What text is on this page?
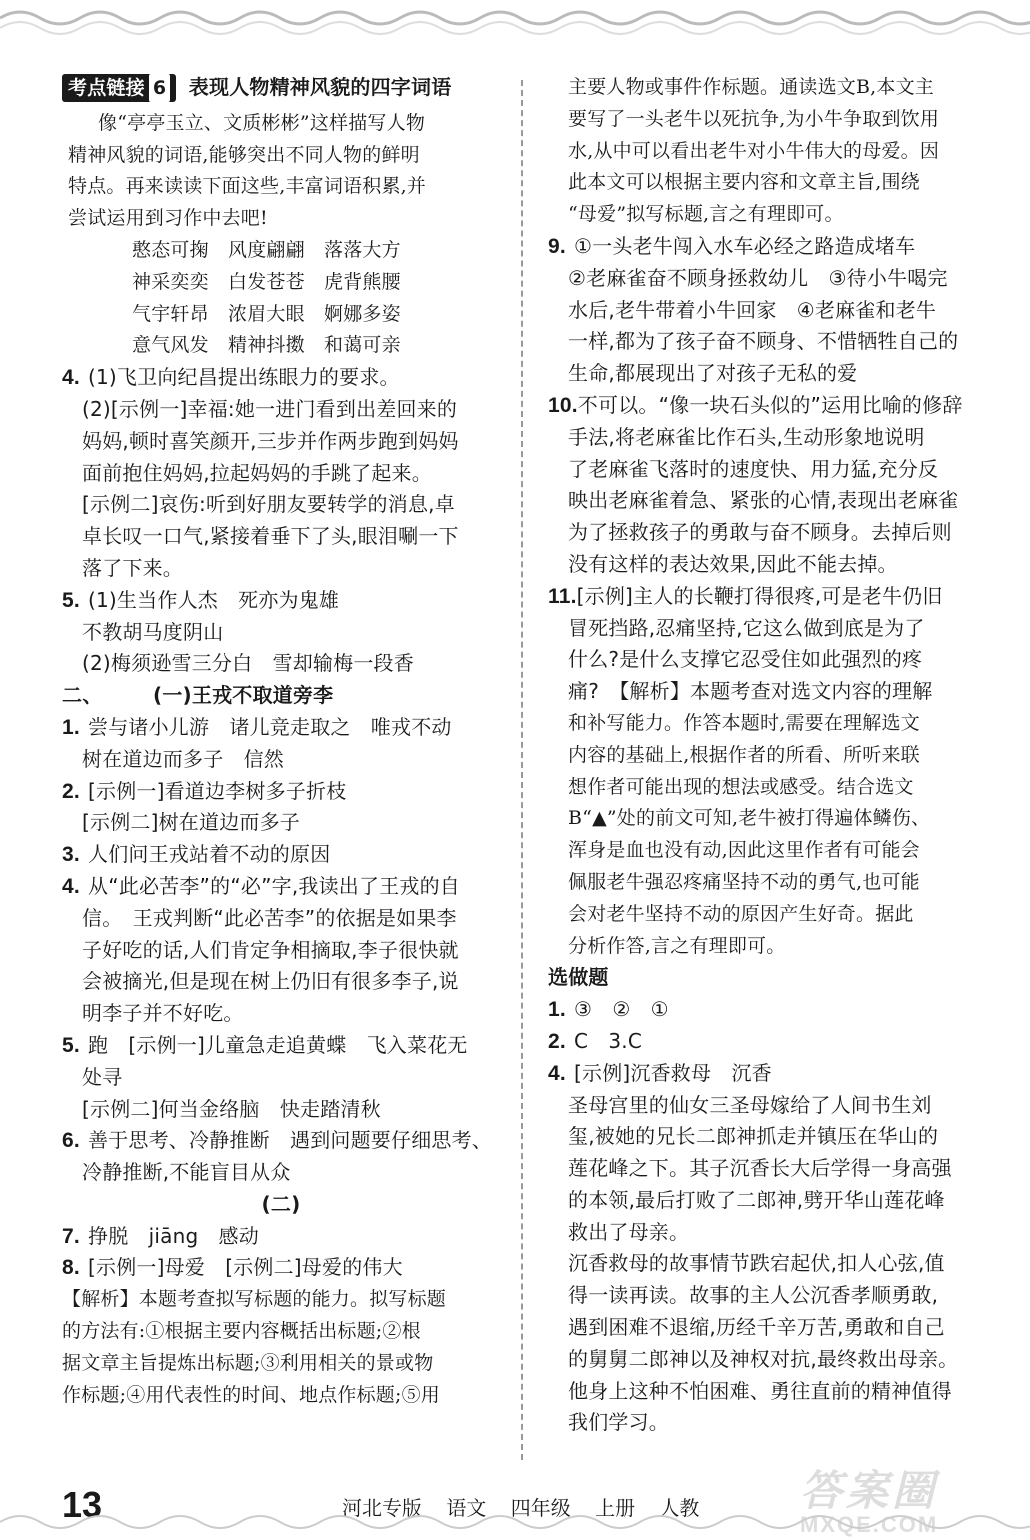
考点链接 6 表现人物精神风貌的四字词语
像“亭亭玉立、文质彬彬”这样描写人物
精神风貌的词语,能够突出不同人物的鲜明
特点。再来读读下面这些,丰富词语积累,并
尝试运用到习作中去吧!
憨态可掬　风度翩翩　落落大方
神采奕奕　白发苍苍　虎背熊腰
气宇轩昂　浓眉大眼　婀娜多姿
意气风发　精神抖擞　和蔼可亲
4. (1)飞卫向纪昌提出练眼力的要求。
(2)[示例一]幸福:她一进门看到出差回来的
妈妈,顿时喜笑颜开,三步并作两步跑到妈妈
面前抱住妈妈,拉起妈妈的手跳了起来。
[示例二]哀伤:听到好朋友要转学的消息,卓
卓长叹一口气,紧接着垂下了头,眼泪唰一下
落了下来。
5. (1)生当作人杰　死亦为鬼雄
不教胡马度阴山
(2)梅须逊雪三分白　雪却输梅一段香
二、　　　(一)王戎不取道旁李
1. 尝与诸小儿游　诸儿竞走取之　唯戎不动
树在道边而多子　信然
2. [示例一]看道边李树多子折枝
[示例二]树在道边而多子
3. 人们问王戎站着不动的原因
4. 从“此必苦李”的“必”字,我读出了王戎的自
信。　王戎判断“此必苦李”的依据是如果李
子好吃的话,人们肯定争相摘取,李子很快就
会被摘光,但是现在树上仍旧有很多李子,说
明李子并不好吃。
5. 跑　[示例一]儿童急走追黄蝶　飞入菜花无
处寻
[示例二]何当金络脑　快走踏清秋
6. 善于思考、冷静推断　遇到问题要仔细思考、
冷静推断,不能盲目从众
(二)
7. 挣脱　jiāng　感动
8. [示例一]母爱　[示例二]母爱的伟大
【解析】本题考查拟写标题的能力。拟写标题
的方法有:①根据主要内容概括出标题;②根
据文章主旨提炼出标题;③利用相关的景或物
作标题;④用代表性的时间、地点作标题;⑤用
主要人物或事件作标题。通读选文B,本文主
要写了一头老牛以死抗争,为小牛争取到饮用
水,从中可以看出老牛对小牛伟大的母爱。因
此本文可以根据主要内容和文章主旨,围绕
“母爱”拟写标题,言之有理即可。
9. ①一头老牛闯入水车必经之路造成堵车
②老麻雀奋不顾身拯救幼儿　③待小牛喝完
水后,老牛带着小牛回家　④老麻雀和老牛
一样,都为了孩子奋不顾身、不惜牺牲自己的
生命,都展现出了对孩子无私的爱
10.不可以。“像一块石头似的”运用比喻的修辞
手法,将老麻雀比作石头,生动形象地说明
了老麻雀飞落时的速度快、用力猛,充分反
映出老麻雀着急、紧张的心情,表现出老麻雀
为了拯救孩子的勇敢与奋不顾身。去掉后则
没有这样的表达效果,因此不能去掉。
11.[示例]主人的长鞭打得很疼,可是老牛仍旧
冒死挡路,忍痛坚持,它这么做到底是为了
什么?是什么支撑它忍受住如此强烈的疼
痛?　【解析】本题考查对选文内容的理解
和补写能力。作答本题时,需要在理解选文
内容的基础上,根据作者的所看、所听来联
想作者可能出现的想法或感受。结合选文
B“▲”处的前文可知,老牛被打得遍体鳞伤、
浑身是血也没有动,因此这里作者有可能会
佩服老牛强忍疼痛坚持不动的勇气,也可能
会对老牛坚持不动的原因产生好奇。据此
分析作答,言之有理即可。
选做题
1. ③　②　①
2. C　3.C
4. [示例]沉香救母　沉香
圣母宫里的仙女三圣母嫁给了人间书生刘
玺,被她的兄长二郎神抓走并镇压在华山的
莲花峰之下。其子沉香长大后学得一身高强
的本领,最后打败了二郎神,劈开华山莲花峰
救出了母亲。
沉香救母的故事情节跌宕起伏,扣人心弦,值
得一读再读。故事的主人公沉香孝顺勇敢,
遇到困难不退缩,历经千辛万苦,勇敢和自己
的舅舅二郎神以及神权对抗,最终救出母亲。
他身上这种不怕困难、勇往直前的精神值得
我们学习。
13	河北专版 语文 四年级 上册 人教 答案圈
MXQE.COM
